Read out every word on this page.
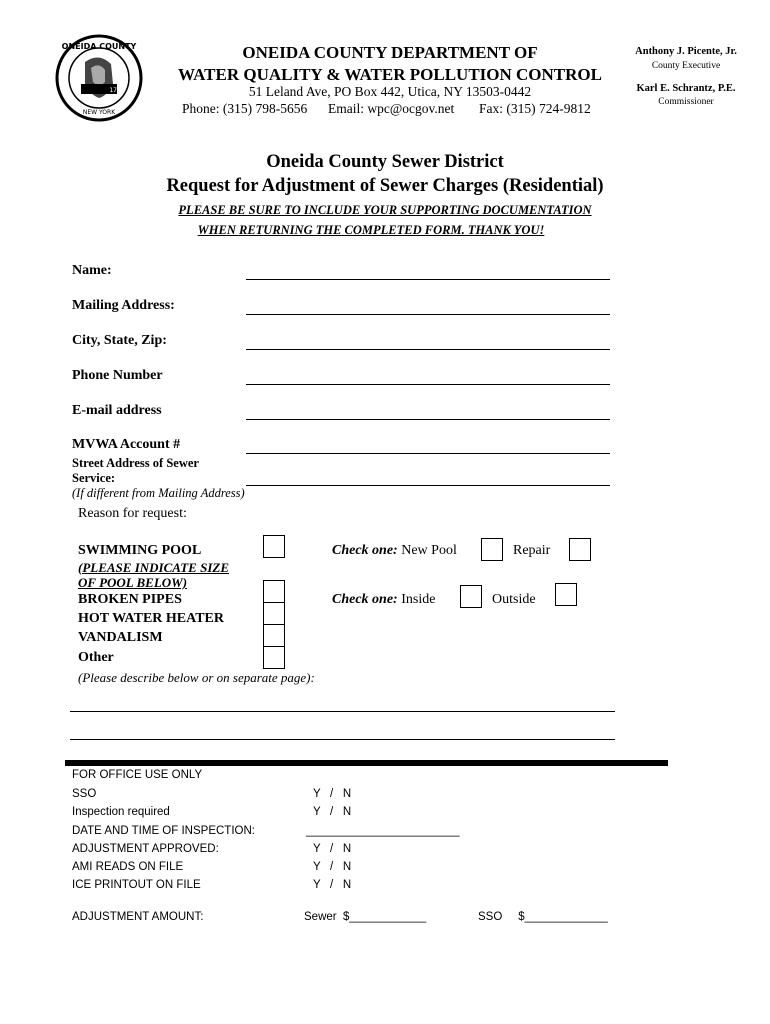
ONEIDA COUNTY
NEW YORK
1798
ONEIDA COUNTY DEPARTMENT OF
WATER QUALITY & WATER POLLUTION CONTROL
51 Leland Ave, PO Box 442, Utica, NY 13503-0442
Phone: (315) 798-5656 Email: wpc@ocgov.net Fax: (315) 724-9812
Anthony J. Picente, Jr.
County Executive
Karl E. Schrantz, P.E.
Commissioner
Oneida County Sewer District
Request for Adjustment of Sewer Charges (Residential)
PLEASE BE SURE TO INCLUDE YOUR SUPPORTING DOCUMENTATION
WHEN RETURNING THE COMPLETED FORM. THANK YOU!
Name:
Mailing Address:
City, State, Zip:
Phone Number
E-mail address
MVWA Account #
Street Address of Sewer
Service:
(If different from Mailing Address)
Reason for request:
SWIMMING POOL
(PLEASE INDICATE SIZE
OF POOL BELOW)
BROKEN PIPES
HOT WATER HEATER
VANDALISM
Other
(Please describe below or on separate page):
Check one: New Pool	Repair
Check one: Inside	Outside
FOR OFFICE USE ONLY
SSO	Y   /   N
Inspection required	Y   /   N
DATE AND TIME OF INSPECTION:	________________________
ADJUSTMENT APPROVED:	Y   /   N
AMI READS ON FILE	Y   /   N
ICE PRINTOUT ON FILE	Y   /   N
ADJUSTMENT AMOUNT:	Sewer  $____________	SSO     $_____________
